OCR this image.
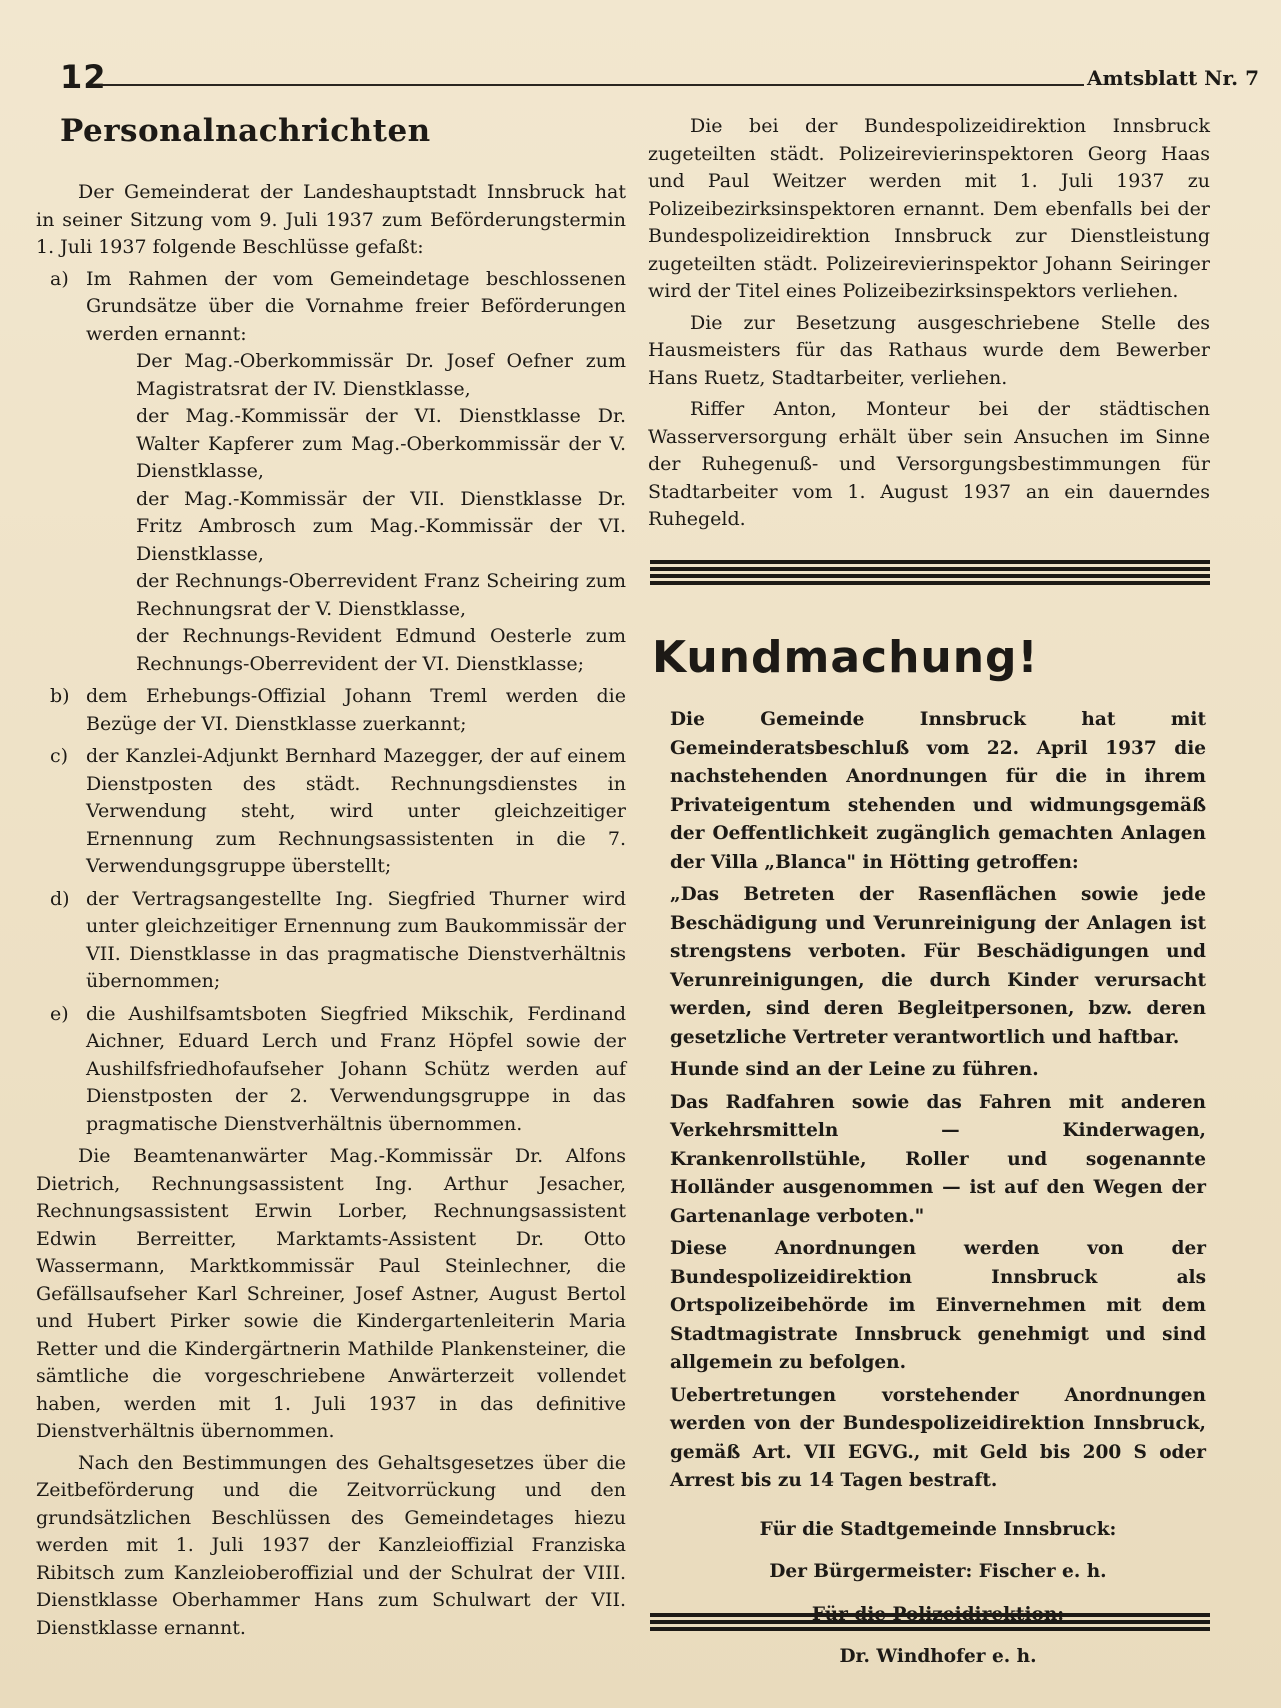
12	Amtsblatt Nr. 7
Personalnachrichten

Der Gemeinderat der Landeshauptstadt Innsbruck hat in seiner Sitzung vom 9. Juli 1937 zum Beförderungstermin 1. Juli 1937 folgende Beschlüsse gefaßt:

a) Im Rahmen der vom Gemeindetage beschlossenen Grundsätze über die Vornahme freier Beförderungen werden ernannt:

Der Mag.-Oberkommissär Dr. Josef Oefner zum Magistratsrat der IV. Dienstklasse,

der Mag.-Kommissär der VI. Dienstklasse Dr. Walter Kapferer zum Mag.-Oberkommissär der V. Dienstklasse,

der Mag.-Kommissär der VII. Dienstklasse Dr. Fritz Ambrosch zum Mag.-Kommissär der VI. Dienstklasse,

der Rechnungs-Oberrevident Franz Scheiring zum Rechnungsrat der V. Dienstklasse,

der Rechnungs-Revident Edmund Oesterle zum Rechnungs-Oberrevident der VI. Dienstklasse;

b) dem Erhebungs-Offizial Johann Treml werden die Bezüge der VI. Dienstklasse zuerkannt;

c) der Kanzlei-Adjunkt Bernhard Mazegger, der auf einem Dienstposten des städt. Rechnungsdienstes in Verwendung steht, wird unter gleichzeitiger Ernennung zum Rechnungsassistenten in die 7. Verwendungsgruppe überstellt;

d) der Vertragsangestellte Ing. Siegfried Thurner wird unter gleichzeitiger Ernennung zum Baukommissär der VII. Dienstklasse in das pragmatische Dienstverhältnis übernommen;

e) die Aushilfsamtsboten Siegfried Mikschik, Ferdinand Aichner, Eduard Lerch und Franz Höpfel sowie der Aushilfsfriedhofaufseher Johann Schütz werden auf Dienstposten der 2. Verwendungsgruppe in das pragmatische Dienstverhältnis übernommen.

Die Beamtenanwärter Mag.-Kommissär Dr. Alfons Dietrich, Rechnungsassistent Ing. Arthur Jesacher, Rechnungsassistent Erwin Lorber, Rechnungsassistent Edwin Berreitter, Marktamts-Assistent Dr. Otto Wassermann, Marktkommissär Paul Steinlechner, die Gefällsaufseher Karl Schreiner, Josef Astner, August Bertol und Hubert Pirker sowie die Kindergartenleiterin Maria Retter und die Kindergärtnerin Mathilde Plankensteiner, die sämtliche die vorgeschriebene Anwärterzeit vollendet haben, werden mit 1. Juli 1937 in das definitive Dienstverhältnis übernommen.

Nach den Bestimmungen des Gehaltsgesetzes über die Zeitbeförderung und die Zeitvorrückung und den grundsätzlichen Beschlüssen des Gemeindetages hiezu werden mit 1. Juli 1937 der Kanzleioffizial Franziska Ribitsch zum Kanzleioberoffizial und der Schulrat der VIII. Dienstklasse Oberhammer Hans zum Schulwart der VII. Dienstklasse ernannt.

Die bei der Bundespolizeidirektion Innsbruck zugeteilten städt. Polizeirevierinspektoren Georg Haas und Paul Weitzer werden mit 1. Juli 1937 zu Polizeibezirksinspektoren ernannt. Dem ebenfalls bei der Bundespolizeidirektion Innsbruck zur Dienstleistung zugeteilten städt. Polizeirevierinspektor Johann Seiringer wird der Titel eines Polizeibezirksinspektors verliehen.

Die zur Besetzung ausgeschriebene Stelle des Hausmeisters für das Rathaus wurde dem Bewerber Hans Ruetz, Stadtarbeiter, verliehen.

Riffer Anton, Monteur bei der städtischen Wasserversorgung erhält über sein Ansuchen im Sinne der Ruhegenuß- und Versorgungsbestimmungen für Stadtarbeiter vom 1. August 1937 an ein dauerndes Ruhegeld.

Kundmachung!

Die Gemeinde Innsbruck hat mit Gemeinderatsbeschluß vom 22. April 1937 die nachstehenden Anordnungen für die in ihrem Privateigentum stehenden und widmungsgemäß der Oeffentlichkeit zugänglich gemachten Anlagen der Villa „Blanca" in Hötting getroffen:

„Das Betreten der Rasenflächen sowie jede Beschädigung und Verunreinigung der Anlagen ist strengstens verboten. Für Beschädigungen und Verunreinigungen, die durch Kinder verursacht werden, sind deren Begleitpersonen, bzw. deren gesetzliche Vertreter verantwortlich und haftbar.

Hunde sind an der Leine zu führen.

Das Radfahren sowie das Fahren mit anderen Verkehrsmitteln — Kinderwagen, Krankenrollstühle, Roller und sogenannte Holländer ausgenommen — ist auf den Wegen der Gartenanlage verboten."

Diese Anordnungen werden von der Bundespolizeidirektion Innsbruck als Ortspolizeibehörde im Einvernehmen mit dem Stadtmagistrate Innsbruck genehmigt und sind allgemein zu befolgen.

Uebertretungen vorstehender Anordnungen werden von der Bundespolizeidirektion Innsbruck, gemäß Art. VII EGVG., mit Geld bis 200 S oder Arrest bis zu 14 Tagen bestraft.

Für die Stadtgemeinde Innsbruck:

Der Bürgermeister: Fischer e. h.

Dr. Windhofer e. h.
